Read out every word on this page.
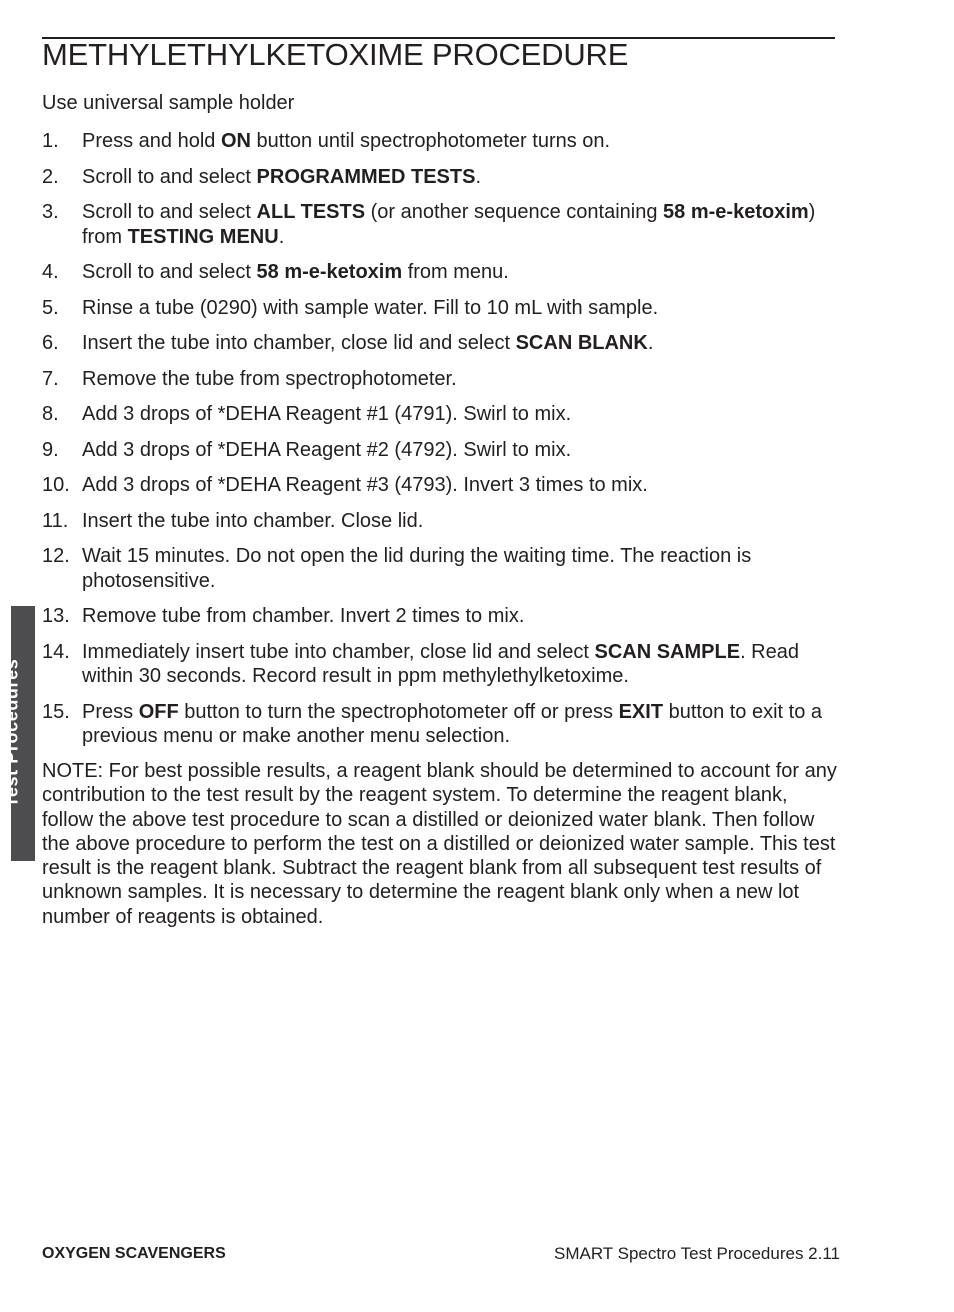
METHYLETHYLKETOXIME PROCEDURE
Use universal sample holder
1. Press and hold ON button until spectrophotometer turns on.
2. Scroll to and select PROGRAMMED TESTS.
3. Scroll to and select ALL TESTS (or another sequence containing 58 m-e-ketoxim) from TESTING MENU.
4. Scroll to and select 58 m-e-ketoxim from menu.
5. Rinse a tube (0290) with sample water. Fill to 10 mL with sample.
6. Insert the tube into chamber, close lid and select SCAN BLANK.
7. Remove the tube from spectrophotometer.
8. Add 3 drops of *DEHA Reagent #1 (4791). Swirl to mix.
9. Add 3 drops of *DEHA Reagent #2 (4792). Swirl to mix.
10. Add 3 drops of *DEHA Reagent #3 (4793). Invert 3 times to mix.
11. Insert the tube into chamber. Close lid.
12. Wait 15 minutes. Do not open the lid during the waiting time. The reaction is photosensitive.
13. Remove tube from chamber. Invert 2 times to mix.
14. Immediately insert tube into chamber, close lid and select SCAN SAMPLE. Read within 30 seconds. Record result in ppm methylethylketoxime.
15. Press OFF button to turn the spectrophotometer off or press EXIT button to exit to a previous menu or make another menu selection.

NOTE: For best possible results, a reagent blank should be determined to account for any contribution to the test result by the reagent system. To determine the reagent blank, follow the above test procedure to scan a distilled or deionized water blank. Then follow the above procedure to perform the test on a distilled or deionized water sample. This test result is the reagent blank. Subtract the reagent blank from all subsequent test results of unknown samples. It is necessary to determine the reagent blank only when a new lot number of reagents is obtained.

Test Procedures
OXYGEN SCAVENGERS	SMART Spectro Test Procedures 2.11
